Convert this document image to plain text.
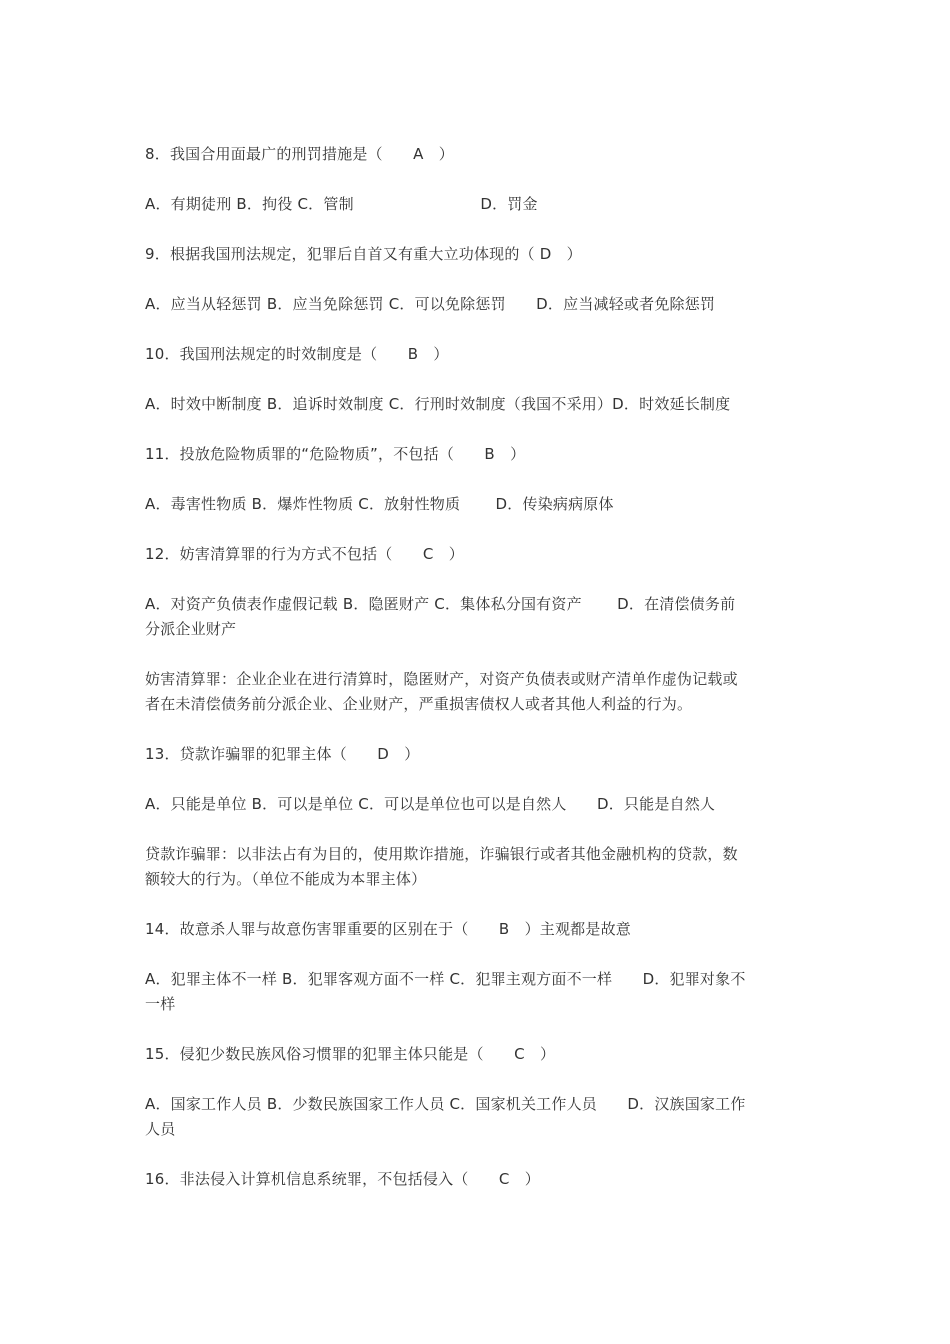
8．我国合用面最广的刑罚措施是（　　A　）
A．有期徒刑 B．拘役 C．管制　　　　　　　　 D．罚金
9．根据我国刑法规定，犯罪后自首又有重大立功体现的（ D　）
A．应当从轻惩罚 B．应当免除惩罚 C．可以免除惩罚　　D．应当减轻或者免除惩罚
10．我国刑法规定的时效制度是（　　B　）
A．时效中断制度 B．追诉时效制度 C．行刑时效制度（我国不采用）D．时效延长制度
11．投放危险物质罪的“危险物质”，不包括（　　B　）
A．毒害性物质 B．爆炸性物质 C．放射性物质　　 D．传染病病原体
12．妨害清算罪的行为方式不包括（　　C　）
A．对资产负债表作虚假记载 B．隐匿财产 C．集体私分国有资产　　 D．在清偿债务前
分派企业财产
妨害清算罪：企业企业在进行清算时，隐匿财产，对资产负债表或财产清单作虚伪记载或
者在未清偿债务前分派企业、企业财产，严重损害债权人或者其他人利益的行为。
13．贷款诈骗罪的犯罪主体（　　D　）
A．只能是单位 B．可以是单位 C．可以是单位也可以是自然人　　D．只能是自然人
贷款诈骗罪：以非法占有为目的，使用欺诈措施，诈骗银行或者其他金融机构的贷款，数
额较大的行为。（单位不能成为本罪主体）
14．故意杀人罪与故意伤害罪重要的区别在于（　　B　）主观都是故意
A．犯罪主体不一样 B．犯罪客观方面不一样 C．犯罪主观方面不一样　　D．犯罪对象不
一样
15．侵犯少数民族风俗习惯罪的犯罪主体只能是（　　C　）
A．国家工作人员 B．少数民族国家工作人员 C．国家机关工作人员　　D．汉族国家工作
人员
16．非法侵入计算机信息系统罪，不包括侵入（　　C　）
